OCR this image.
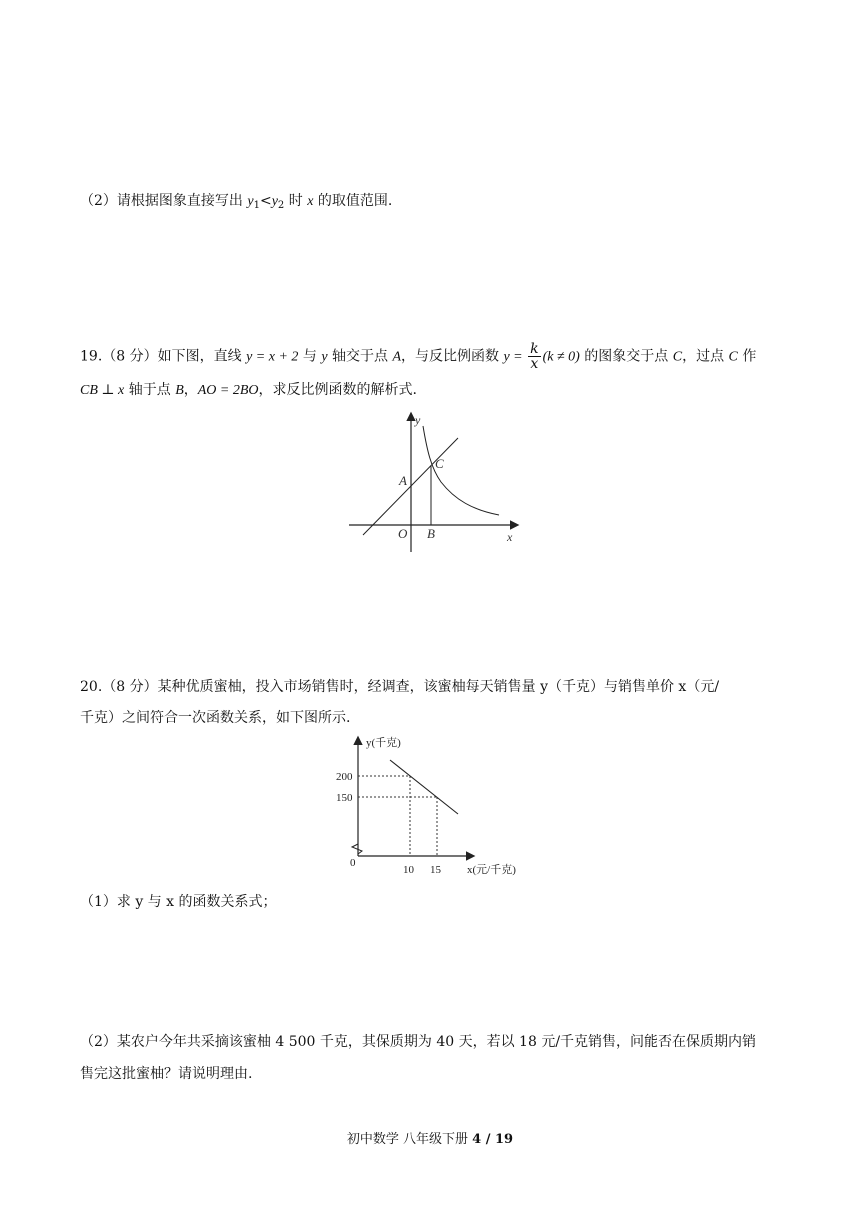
（2）请根据图象直接写出 $y_1<y_2$ 时 x 的取值范围.
19.（8 分）如下图，直线 y = x + 2 与 y 轴交于点 A，与反比例函数 $y = \frac{k}{x} (k \ne 0)$ 的图象交于点 C，过点 C 作
CB ⊥ x 轴于点 B，AO = 2BO，求反比例函数的解析式.
y
C
A
O B	x
20.（8 分）某种优质蜜柚，投入市场销售时，经调查，该蜜柚每天销售量 y（千克）与销售单价 x（元/
千克）之间符合一次函数关系，如下图所示.
y(千克)
200
150
0
10 15 x(元/千克)
（1）求 y 与 x 的函数关系式；
（2）某农户今年共采摘该蜜柚 4 500 千克，其保质期为 40 天，若以 18 元/千克销售，问能否在保质期内销
售完这批蜜柚？请说明理由.
初中数学 八年级下册 4 / 19
